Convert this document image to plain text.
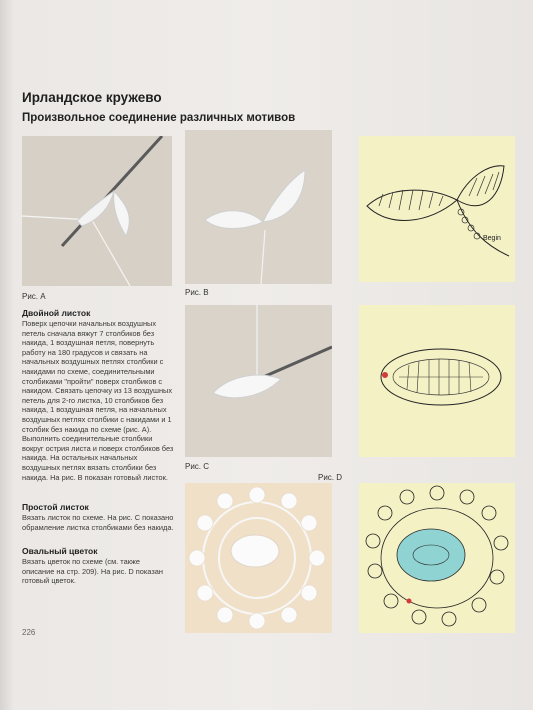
Ирландское кружево
Произвольное соединение различных мотивов
Рис. A	Рис. B
Begin
Двойной листок

Поверх цепочки начальных воздушных петель сначала вяжут 7 столбиков без накида, 1 воздушная петля, повернуть работу на 180 градусов и связать на начальных воздушных петлях столбики с накидами по схеме, соединительными столбиками "пройти" поверх столбиков с накидом. Связать цепочку из 13 воздушных петель для 2-го листка, 10 столбиков без накида, 1 воздушная петля, на начальных воздушных петлях столбики с накидами и 1 столбик без накида по схеме (рис. A). Выполнить соединительные столбики вокруг острия листа и поверх столбиков без накида. На остальных начальных воздушных петлях вязать столбики без накида. На рис. B показан готовый листок.

Рис. C
Рис. D
Простой листок

Вязать листок по схеме. На рис. C показано обрамление листка столбиками без накида.

Овальный цветок

Вязать цветок по схеме (см. также описание на стр. 209). На рис. D показан готовый цветок.

226
